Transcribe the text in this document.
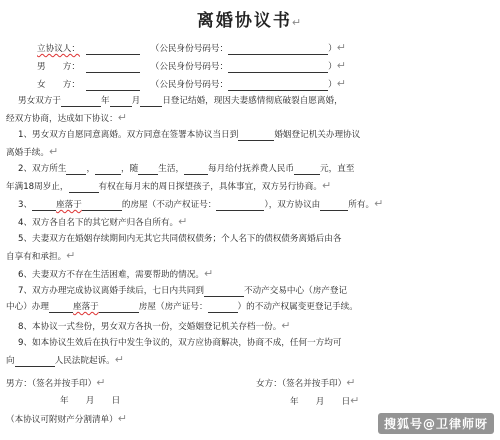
离婚协议书↵
立协议人：	（公民身份号码号：	）↵
男　　方：	（公民身份号码号：	）↵
女　　方：	（公民身份号码号：	）↵
男女双方于	年	月	日登记结婚，现因夫妻感情彻底破裂自愿离婚，
经双方协商，达成如下协议：↵
1、男女双方自愿同意离婚。双方同意在签署本协议当日到	婚姻登记机关办理协议
离婚手续。↵
2、双方所生 ，	，随 生活，	每月给付抚养费人民币	元，直至
年满18周岁止，	有权在每月末的周日探望孩子，具体事宜，双方另行协商。↵
3、	座落于	的房屋（不动产权证号：	），双方协议由	所有。↵
4、双方各自名下的其它财产归各自所有。↵
5、夫妻双方在婚姻存续期间内无其它共同债权债务；个人名下的债权债务离婚后由各
自享有和承担。↵
6、夫妻双方不存在生活困难，需要帮助的情况。↵
7、双方办理完成协议离婚手续后，七日内共同到	不动产交易中心（房产登记
中心）办理	座落于	房屋（房产证号：	）的不动产权属变更登记手续。
8、本协议一式叁份，男女双方各执一份，交婚姻登记机关存档一份。↵
9、如本协议生效后在执行中发生争议的，双方应协商解决，协商不成，任何一方均可
向	人民法院起诉。↵
男方：（签名并按手印）↵	女方：（签名并按手印）↵
年　　月　　日	年　　月　　日↵
（本协议可附财产分割清单）↵	搜狐号@卫律师呀
